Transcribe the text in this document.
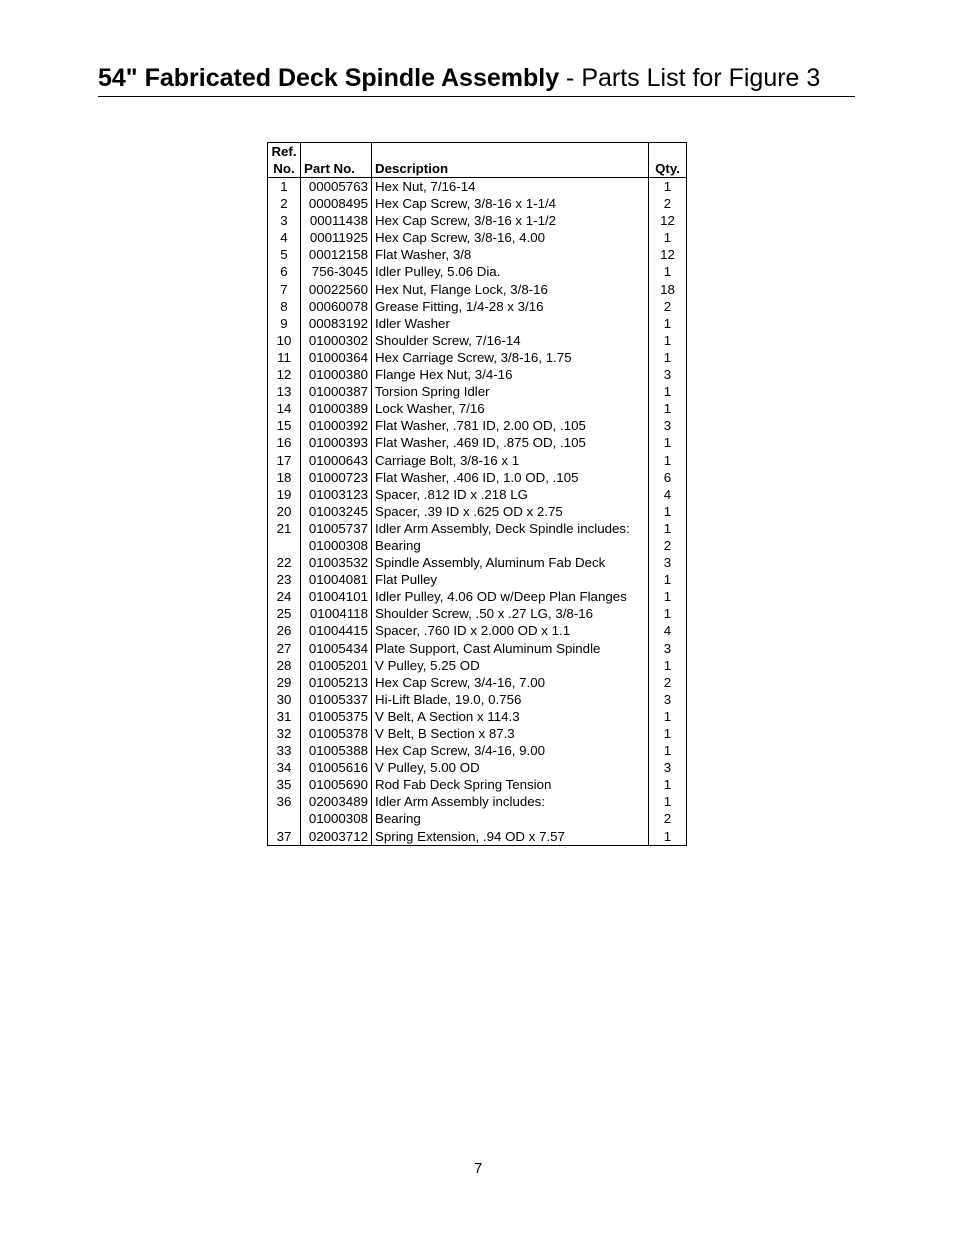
54" Fabricated Deck Spindle Assembly - Parts List for Figure 3
Ref.
No.	Part No.	Description	Qty.
1	00005763	Hex Nut, 7/16-14	1
2	00008495	Hex Cap Screw, 3/8-16 x 1-1/4	2
3	00011438	Hex Cap Screw, 3/8-16 x 1-1/2	12
4	00011925	Hex Cap Screw, 3/8-16, 4.00	1
5	00012158	Flat Washer, 3/8	12
6	756-3045	Idler Pulley, 5.06 Dia.	1
7	00022560	Hex Nut, Flange Lock, 3/8-16	18
8	00060078	Grease Fitting, 1/4-28 x 3/16	2
9	00083192	Idler Washer	1
10	01000302	Shoulder Screw, 7/16-14	1
11	01000364	Hex Carriage Screw, 3/8-16, 1.75	1
12	01000380	Flange Hex Nut, 3/4-16	3
13	01000387	Torsion Spring Idler	1
14	01000389	Lock Washer, 7/16	1
15	01000392	Flat Washer, .781 ID, 2.00 OD, .105	3
16	01000393	Flat Washer, .469 ID, .875 OD, .105	1
17	01000643	Carriage Bolt, 3/8-16 x 1	1
18	01000723	Flat Washer, .406 ID, 1.0 OD, .105	6
19	01003123	Spacer, .812 ID x .218 LG	4
20	01003245	Spacer, .39 ID x .625 OD x 2.75	1
21	01005737	Idler Arm Assembly, Deck Spindle includes:	1
	01000308	Bearing	2
22	01003532	Spindle Assembly, Aluminum Fab Deck	3
23	01004081	Flat Pulley	1
24	01004101	Idler Pulley, 4.06 OD w/Deep Plan Flanges	1
25	01004118	Shoulder Screw, .50 x .27 LG, 3/8-16	1
26	01004415	Spacer, .760 ID x 2.000 OD x 1.1	4
27	01005434	Plate Support, Cast Aluminum Spindle	3
28	01005201	V Pulley, 5.25 OD	1
29	01005213	Hex Cap Screw, 3/4-16, 7.00	2
30	01005337	Hi-Lift Blade, 19.0, 0.756	3
31	01005375	V Belt, A Section x 114.3	1
32	01005378	V Belt, B Section x 87.3	1
33	01005388	Hex Cap Screw, 3/4-16, 9.00	1
34	01005616	V Pulley, 5.00 OD	3
35	01005690	Rod Fab Deck Spring Tension	1
36	02003489	Idler Arm Assembly includes:	1
	01000308	Bearing	2
37	02003712	Spring Extension, .94 OD x 7.57	1
7
